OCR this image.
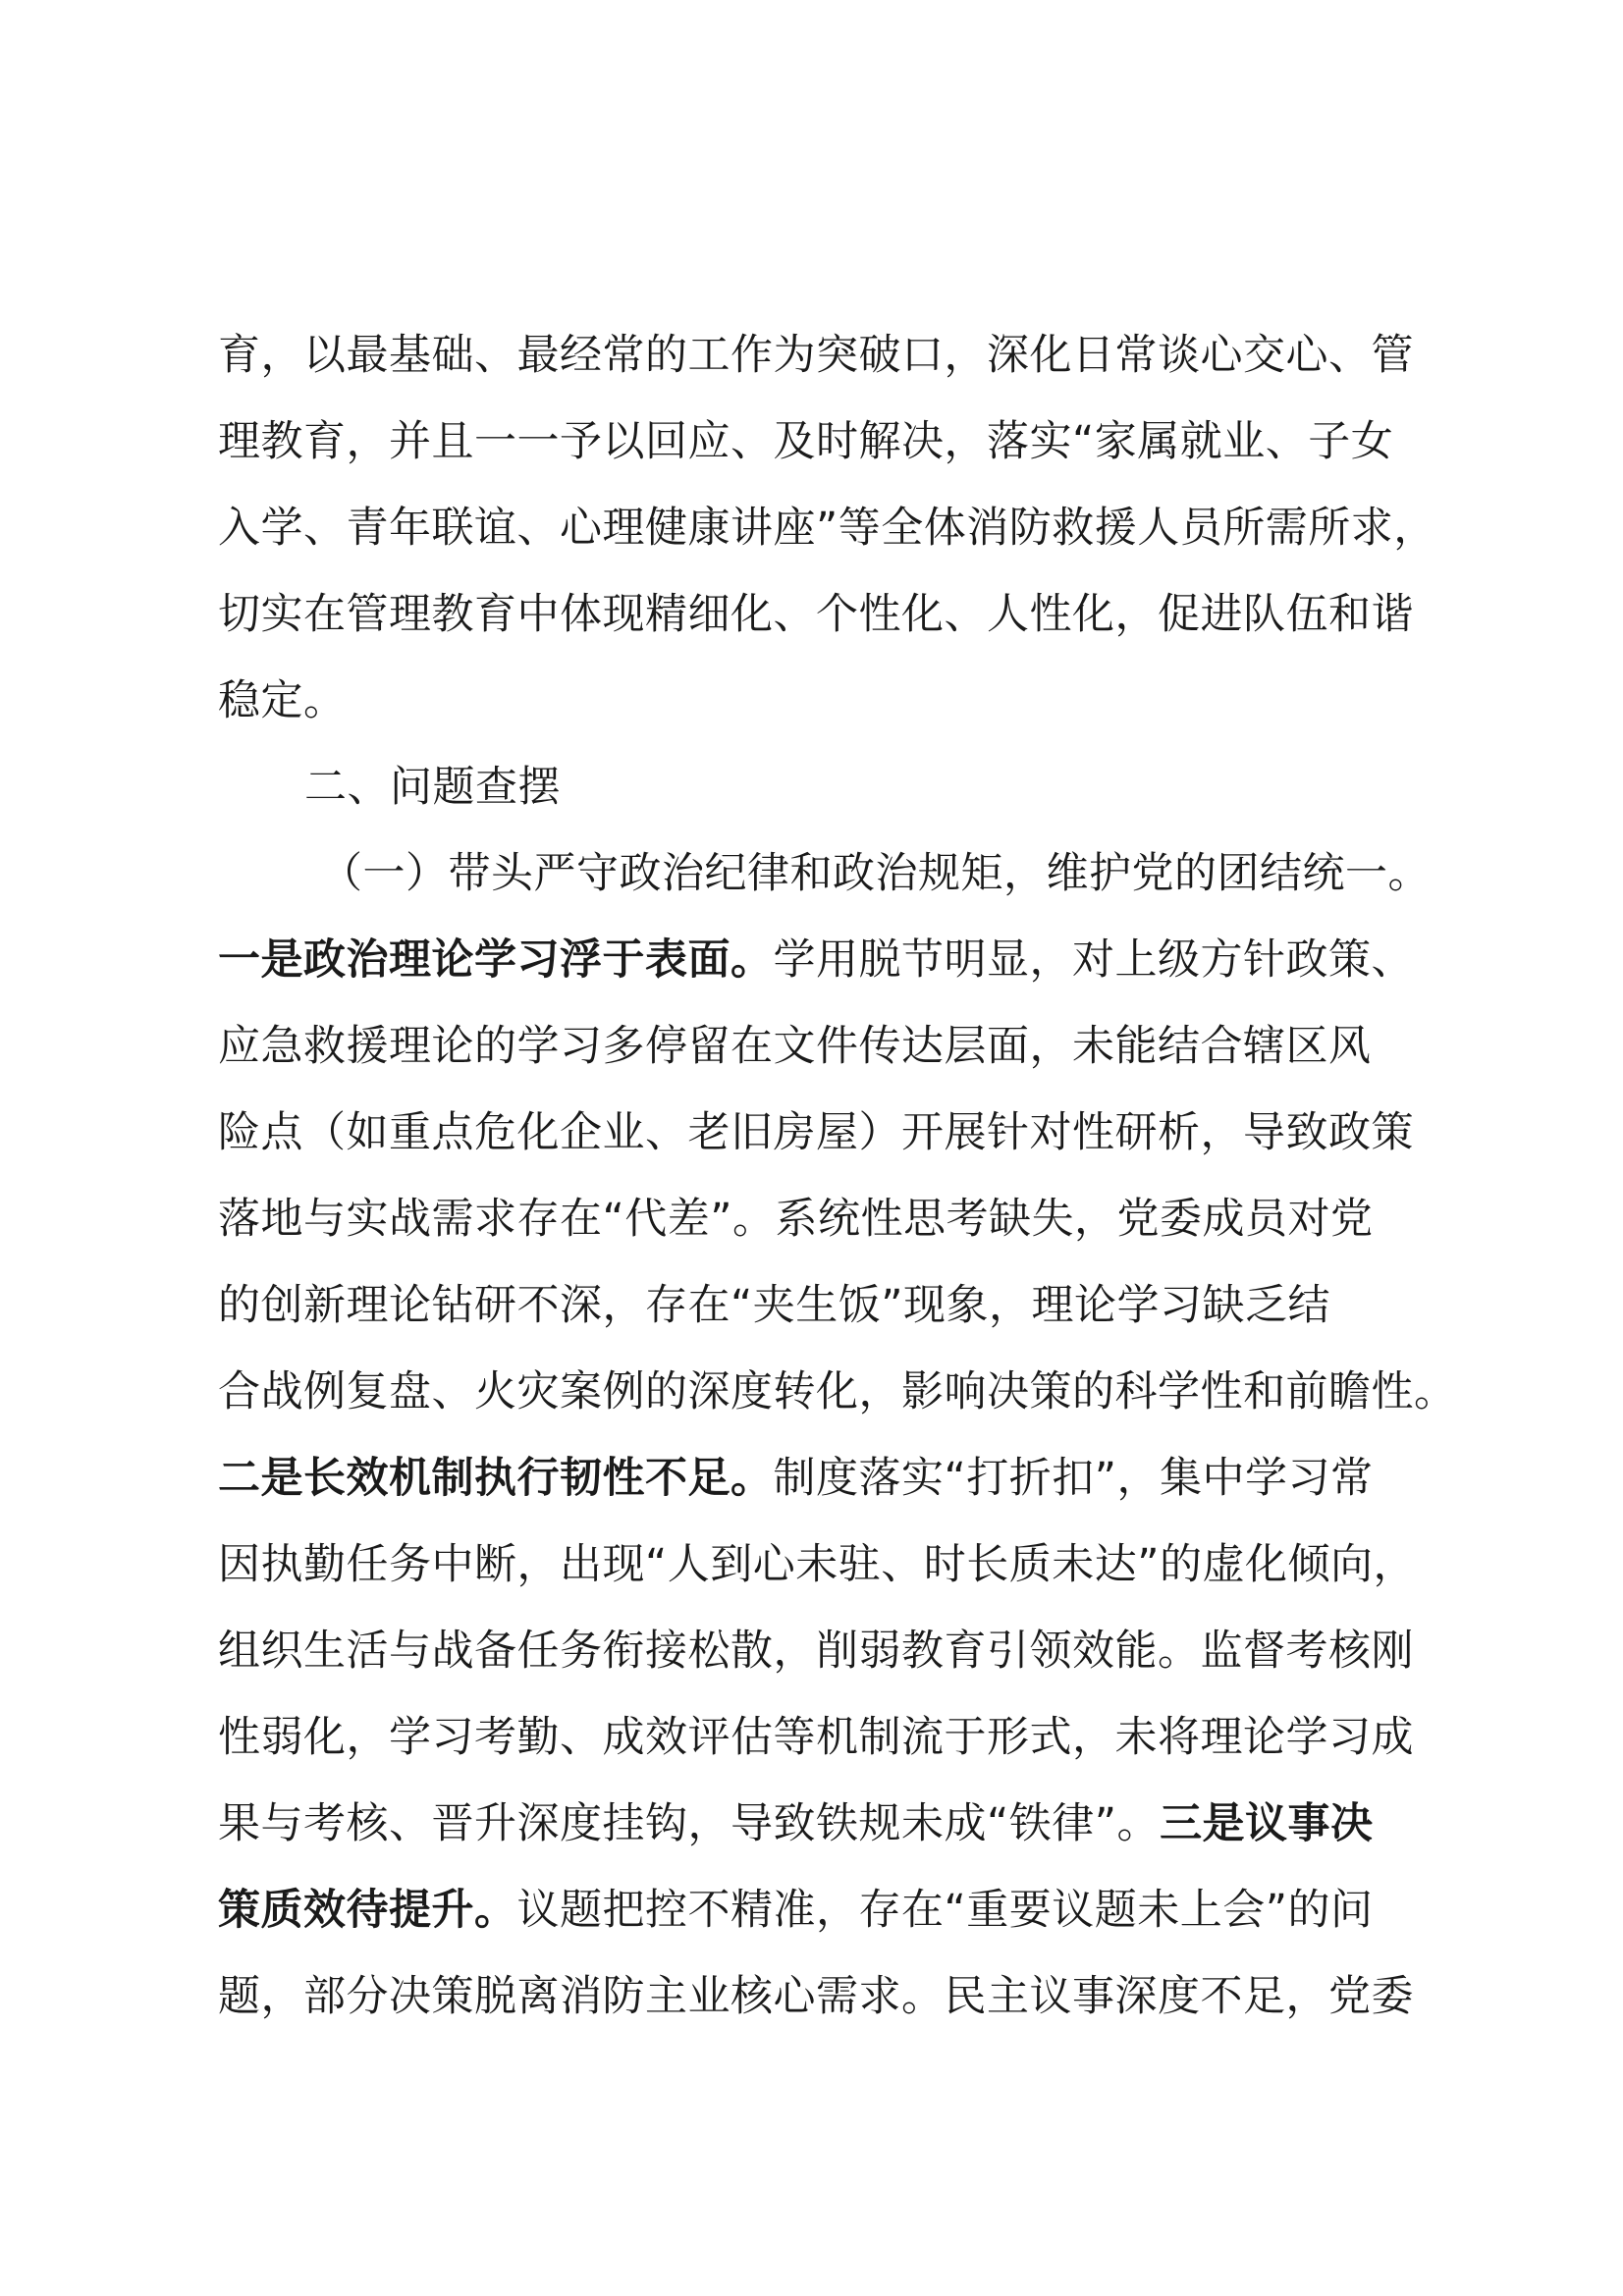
育，以最基础、最经常的工作为突破口，深化日常谈心交心、管
理教育，并且一一予以回应、及时解决，落实“家属就业、子女
入学、青年联谊、心理健康讲座”等全体消防救援人员所需所求，
切实在管理教育中体现精细化、个性化、人性化，促进队伍和谐
稳定。
二、问题查摆
（一）带头严守政治纪律和政治规矩，维护党的团结统一。
一是政治理论学习浮于表面。学用脱节明显，对上级方针政策、
应急救援理论的学习多停留在文件传达层面，未能结合辖区风
险点（如重点危化企业、老旧房屋）开展针对性研析，导致政策
落地与实战需求存在“代差”。系统性思考缺失，党委成员对党
的创新理论钻研不深，存在“夹生饭”现象，理论学习缺乏结
合战例复盘、火灾案例的深度转化，影响决策的科学性和前瞻性。
二是长效机制执行韧性不足。制度落实“打折扣”，集中学习常
因执勤任务中断，出现“人到心未驻、时长质未达”的虚化倾向，
组织生活与战备任务衔接松散，削弱教育引领效能。监督考核刚
性弱化，学习考勤、成效评估等机制流于形式，未将理论学习成
果与考核、晋升深度挂钩，导致铁规未成“铁律”。三是议事决
策质效待提升。议题把控不精准，存在“重要议题未上会”的问
题，部分决策脱离消防主业核心需求。民主议事深度不足，党委
